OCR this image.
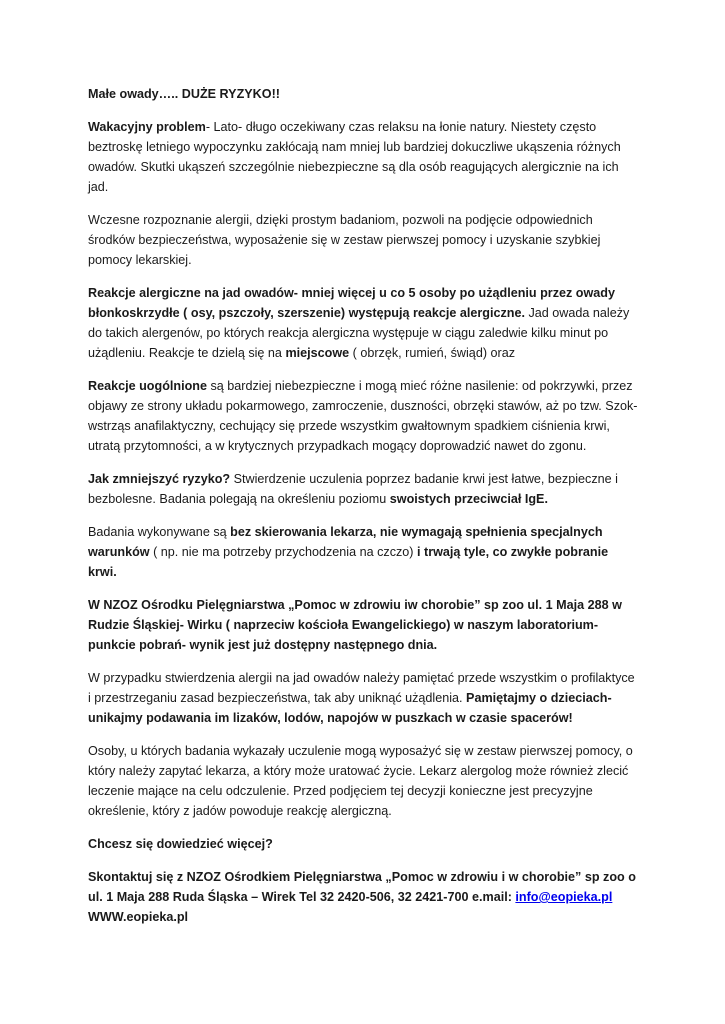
Małe owady….. DUŻE RYZYKO!!

Wakacyjny problem- Lato- długo oczekiwany czas relaksu na łonie natury. Niestety często beztroskę letniego wypoczynku zakłócają nam mniej lub bardziej dokuczliwe ukąszenia różnych owadów. Skutki ukąszeń szczególnie niebezpieczne są dla osób reagujących alergicznie na ich jad.

Wczesne rozpoznanie alergii, dzięki prostym badaniom, pozwoli na podjęcie odpowiednich środków bezpieczeństwa, wyposażenie się w zestaw pierwszej pomocy i uzyskanie szybkiej pomocy lekarskiej.

Reakcje alergiczne na jad owadów- mniej więcej u co 5 osoby po użądleniu przez owady błonkoskrzydłe ( osy, pszczoły, szerszenie) występują reakcje alergiczne. Jad owada należy do takich alergenów, po których reakcja alergiczna występuje w ciągu zaledwie kilku minut po użądleniu. Reakcje te dzielą się na miejscowe ( obrzęk, rumień, świąd) oraz

Reakcje uogólnione są bardziej niebezpieczne i mogą mieć różne nasilenie: od pokrzywki, przez objawy ze strony układu pokarmowego, zamroczenie, duszności, obrzęki stawów, aż po tzw. Szok-wstrząs anafilaktyczny, cechujący się przede wszystkim gwałtownym spadkiem ciśnienia krwi, utratą przytomności, a w krytycznych przypadkach mogący doprowadzić nawet do zgonu.

Jak zmniejszyć ryzyko? Stwierdzenie uczulenia poprzez badanie krwi jest łatwe, bezpieczne i bezbolesne. Badania polegają na określeniu poziomu swoistych przeciwciał IgE.

Badania wykonywane są bez skierowania lekarza, nie wymagają spełnienia specjalnych warunków ( np. nie ma potrzeby przychodzenia na czczo) i trwają tyle, co zwykłe pobranie krwi.

W NZOZ Ośrodku Pielęgniarstwa „Pomoc w zdrowiu iw chorobie” sp zoo ul. 1 Maja 288 w Rudzie Śląskiej- Wirku ( naprzeciw kościoła Ewangelickiego) w naszym laboratorium- punkcie pobrań- wynik jest już dostępny następnego dnia.

W przypadku stwierdzenia alergii na jad owadów należy pamiętać przede wszystkim o profilaktyce i przestrzeganiu zasad bezpieczeństwa, tak aby uniknąć użądlenia. Pamiętajmy o dzieciach- unikajmy podawania im lizaków, lodów, napojów w puszkach w czasie spacerów!

Osoby, u których badania wykazały uczulenie mogą wyposażyć się w zestaw pierwszej pomocy, o który należy zapytać lekarza, a który może uratować życie. Lekarz alergolog może również zlecić leczenie mające na celu odczulenie. Przed podjęciem tej decyzji konieczne jest precyzyjne określenie, który z jadów powoduje reakcję alergiczną.

Chcesz się dowiedzieć więcej?

Skontaktuj się z NZOZ Ośrodkiem Pielęgniarstwa „Pomoc w zdrowiu i w chorobie” sp zoo o ul. 1 Maja 288 Ruda Śląska – Wirek Tel 32 2420-506, 32 2421-700 e.mail: info@eopieka.pl
WWW.eopieka.pl
